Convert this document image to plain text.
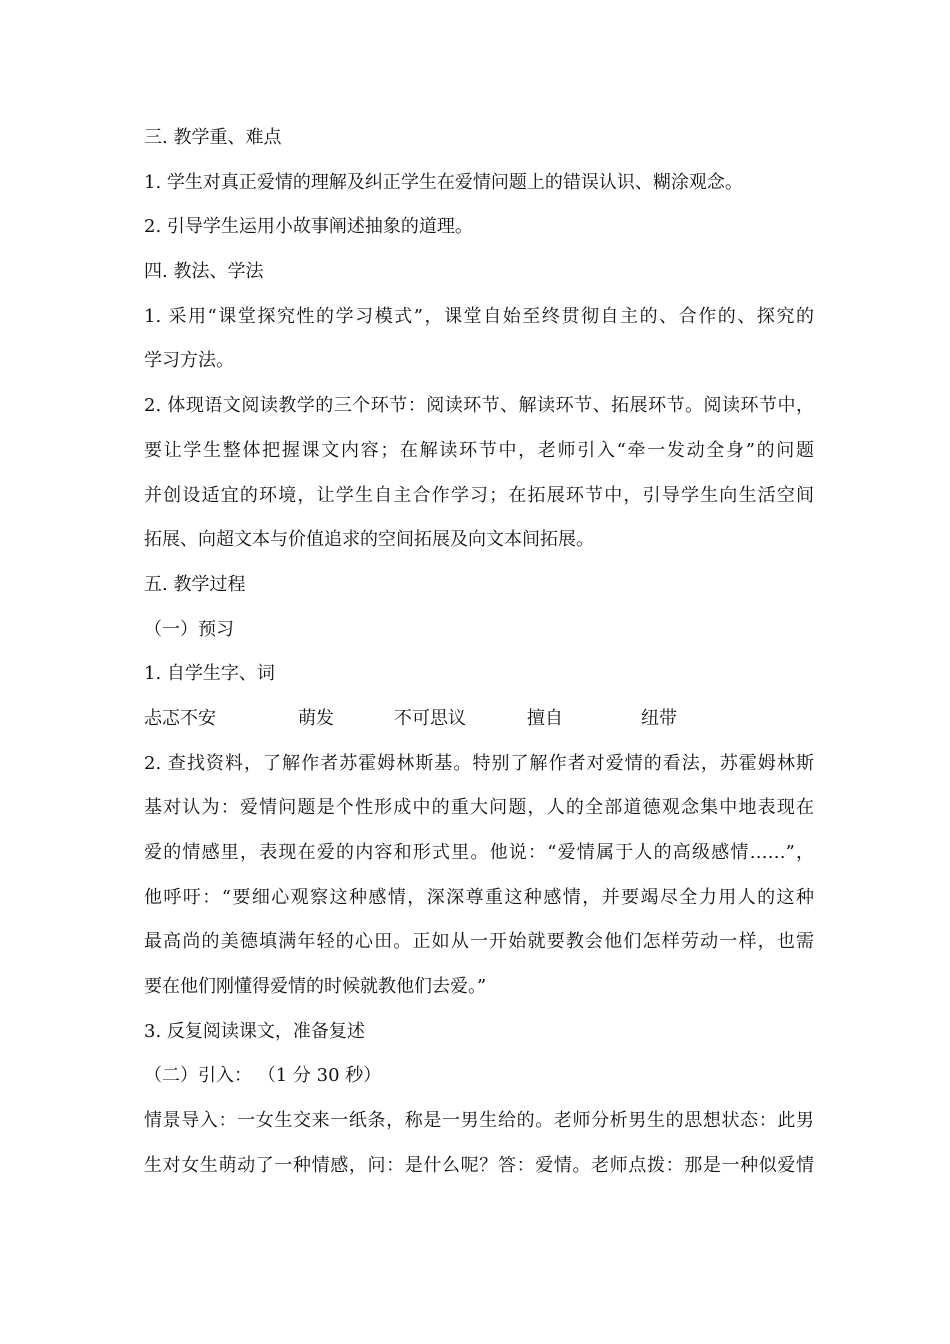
三. 教学重、难点
1. 学生对真正爱情的理解及纠正学生在爱情问题上的错误认识、糊涂观念。
2. 引导学生运用小故事阐述抽象的道理。
四. 教法、学法
1. 采用“课堂探究性的学习模式”，课堂自始至终贯彻自主的、合作的、探究的
学习方法。
2. 体现语文阅读教学的三个环节：阅读环节、解读环节、拓展环节。阅读环节中，
要让学生整体把握课文内容；在解读环节中，老师引入“牵一发动全身”的问题
并创设适宜的环境，让学生自主合作学习；在拓展环节中，引导学生向生活空间
拓展、向超文本与价值追求的空间拓展及向文本间拓展。
五. 教学过程
（一）预习
1. 自学生字、词
忐忑不安	萌发	不可思议	擅自	纽带
2. 查找资料，了解作者苏霍姆林斯基。特别了解作者对爱情的看法，苏霍姆林斯
基对认为：爱情问题是个性形成中的重大问题，人的全部道德观念集中地表现在
爱的情感里，表现在爱的内容和形式里。他说：“爱情属于人的高级感情……”，
他呼吁：“要细心观察这种感情，深深尊重这种感情，并要竭尽全力用人的这种
最高尚的美德填满年轻的心田。正如从一开始就要教会他们怎样劳动一样，也需
要在他们刚懂得爱情的时候就教他们去爱。”
3. 反复阅读课文，准备复述
（二）引入： （1 分 30 秒）
情景导入：一女生交来一纸条，称是一男生给的。老师分析男生的思想状态：此男
生对女生萌动了一种情感，问：是什么呢？答：爱情。老师点拨：那是一种似爱情
